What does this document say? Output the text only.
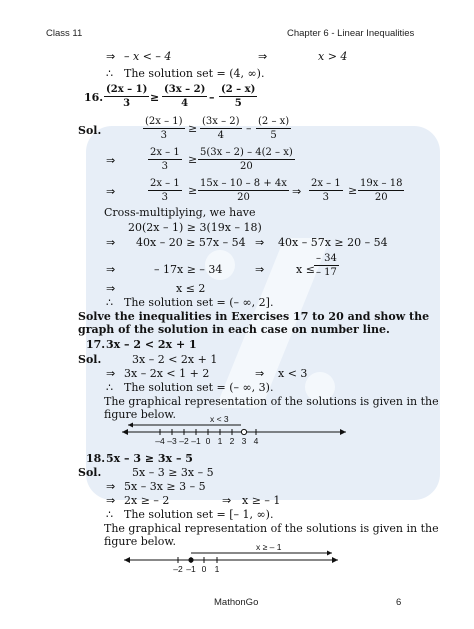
Class 11	Chapter 6 - Linear Inequalities
⇒ – x < – 4	⇒	x > 4
∴ The solution set = (4, ∞).
16. $\frac{(2x - 1)}{3} \ge \frac{(3x - 2)}{4} - \frac{(2 - x)}{5}$
Sol.	$\frac{(2x - 1)}{3} \ge \frac{(3x - 2)}{4} - \frac{(2 - x)}{5}$
⇒	$\frac{2x - 1}{3} \ge \frac{5(3x - 2) - 4(2 - x)}{20}$
⇒	$\frac{2x - 1}{3} \ge \frac{15x - 10 - 8 + 4x}{20}$ ⇒ $\frac{2x - 1}{3} \ge \frac{19x - 18}{20}$
Cross-multiplying, we have
20(2x – 1) ≥ 3(19x – 18)
⇒ 40x – 20 ≥ 57x – 54 ⇒ 40x – 57x ≥ 20 – 54
⇒	– 17x ≥ – 34	⇒	$x \le \frac{- 34}{- 17}$
⇒	x ≤ 2
∴ The solution set = (– ∞, 2].
Solve the inequalities in Exercises 17 to 20 and show the
graph of the solution in each case on number line.
17. 3x – 2 < 2x + 1
Sol.	3x – 2 < 2x + 1
⇒ 3x – 2x < 1 + 2	⇒ x < 3
∴ The solution set = (– ∞, 3).
The graphical representation of the solutions is given in the
figure below.	x < 3
–4 –3 –2 –1 0 1 2 3 4
18. 5x – 3 ≥ 3x – 5
Sol.	5x – 3 ≥ 3x – 5
⇒ 5x – 3x ≥ 3 – 5
⇒ 2x ≥ – 2	⇒ x ≥ – 1
∴ The solution set = [– 1, ∞).
The graphical representation of the solutions is given in the
figure below.	x ≥ – 1
–2 –1 0 1
MathonGo	6
